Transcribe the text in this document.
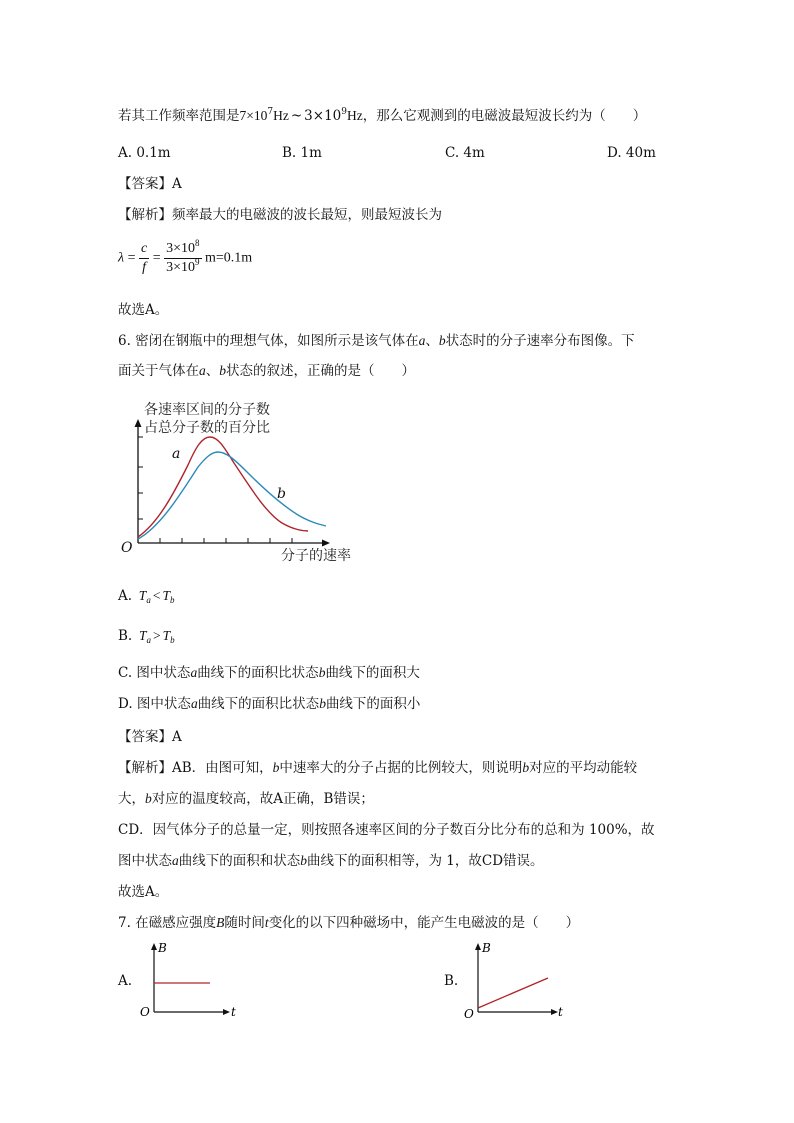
若其工作频率范围是$7\times 10^7Hz$ ~ $3\times 10^9Hz$，那么它观测到的电磁波最短波长约为（　　）
A. 0.1m	B. 1m	C. 4m	D. 40m
【答案】A
【解析】频率最大的电磁波的波长最短，则最短波长为
$\lambda = \frac{c}{f} = \frac{3\times 10^8}{3\times 10^9} m=0.1m$
故选A。
6. 密闭在钢瓶中的理想气体，如图所示是该气体在a、b状态时的分子速率分布图像。下
面关于气体在a、b状态的叙述，正确的是（　　）
各速率区间的分子数
占总分子数的百分比
a
b
O	分子的速率
A. $T_a < T_b$
B. $T_a > T_b$
C. 图中状态a曲线下的面积比状态b曲线下的面积大
D. 图中状态a曲线下的面积比状态b曲线下的面积小
【答案】A
【解析】AB．由图可知，b中速率大的分子占据的比例较大，则说明b对应的平均动能较
大，b对应的温度较高，故A正确，B错误；
CD．因气体分子的总量一定，则按照各速率区间的分子数百分比分布的总和为 100%，故
图中状态a曲线下的面积和状态b曲线下的面积相等，为 1，故CD错误。
故选A。
7. 在磁感应强度B随时间t变化的以下四种磁场中，能产生电磁波的是（　　）
A.
B
t
O
B.
B
t
O
